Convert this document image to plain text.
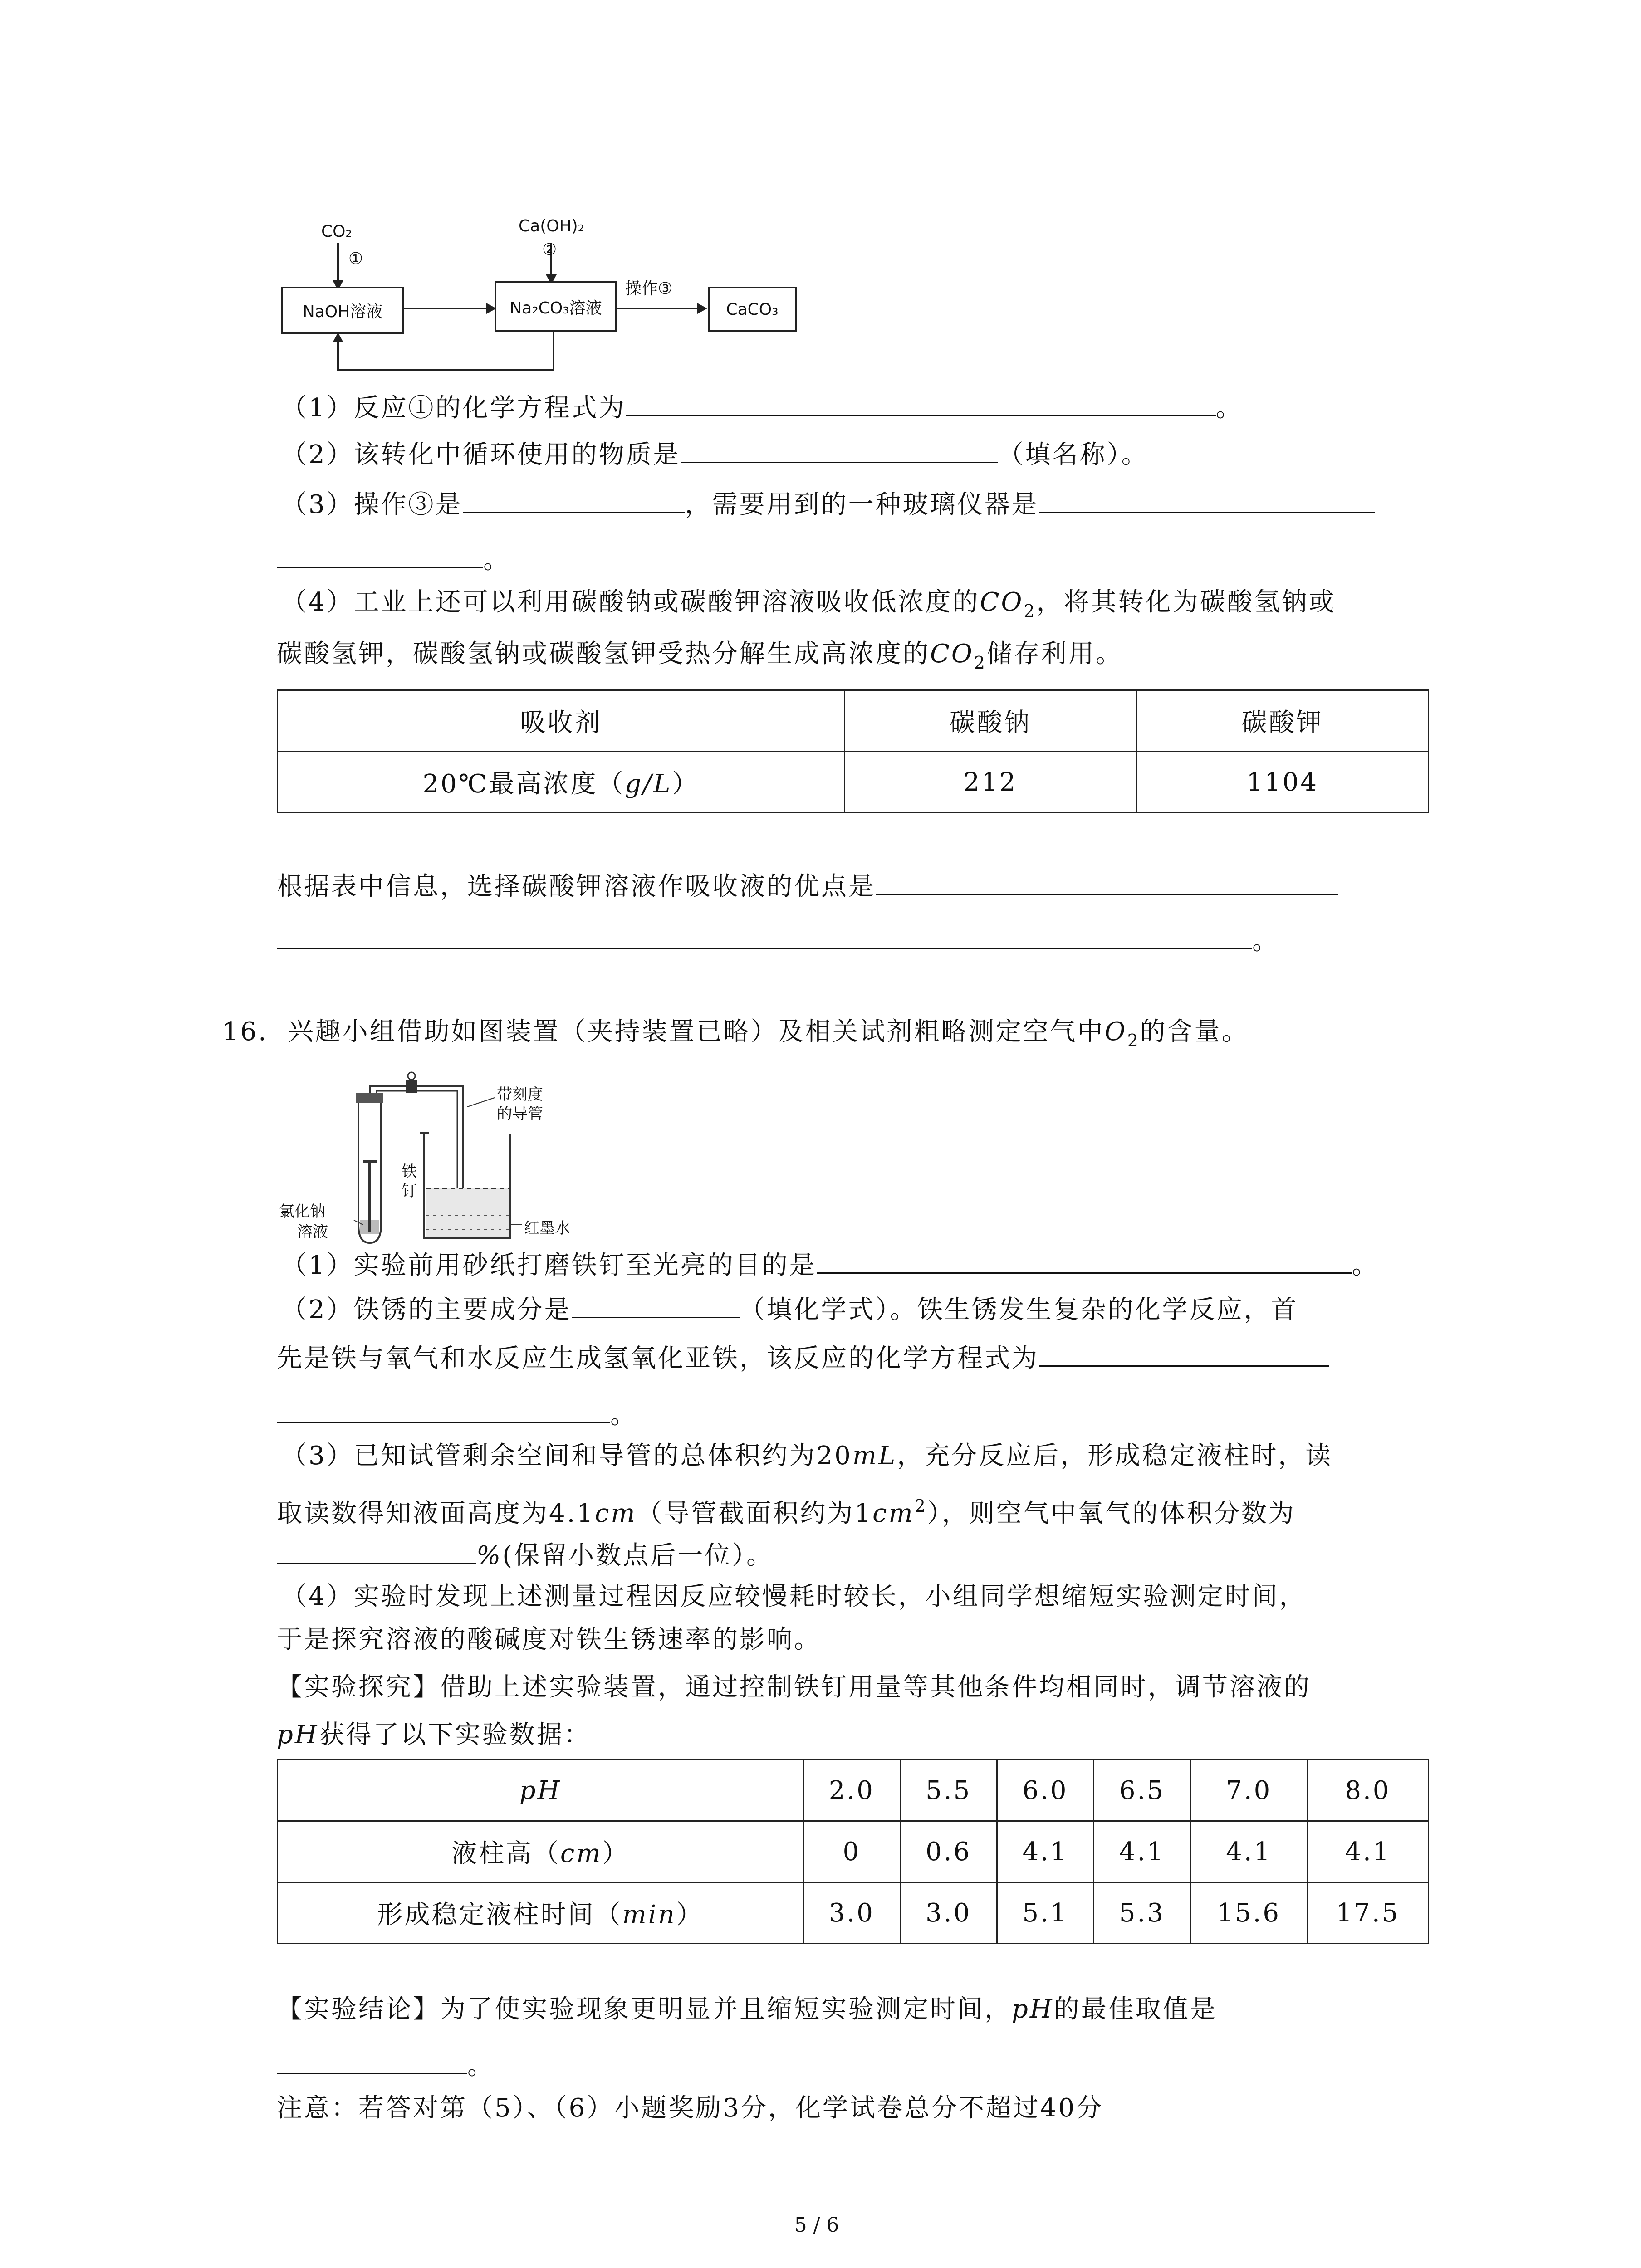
CO₂
①
Ca(OH)₂
②
操作③
NaOH溶液	Na₂CO₃溶液	CaCO₃
（1）反应①的化学方程式为	。
（2）该转化中循环使用的物质是	（填名称）。
（3）操作③是	，需要用到的一种玻璃仪器是
。
（4）工业上还可以利用碳酸钠或碳酸钾溶液吸收低浓度的$CO_2$，将其转化为碳酸氢钠或
碳酸氢钾，碳酸氢钠或碳酸氢钾受热分解生成高浓度的$CO_2$储存利用。
吸收剂	碳酸钠	碳酸钾
20℃最高浓度（g/L）	212	1104
根据表中信息，选择碳酸钾溶液作吸收液的优点是
。
16. 兴趣小组借助如图装置（夹持装置已略）及相关试剂粗略测定空气中$O_2$的含量。
带刻度
的导管
铁
钉
氯化钠
溶液	红墨水
（1）实验前用砂纸打磨铁钉至光亮的目的是	。
（2）铁锈的主要成分是	（填化学式）。铁生锈发生复杂的化学反应，首
先是铁与氧气和水反应生成氢氧化亚铁，该反应的化学方程式为
。
（3）已知试管剩余空间和导管的总体积约为20mL，充分反应后，形成稳定液柱时，读
取读数得知液面高度为4.1cm（导管截面积约为$1cm^2$），则空气中氧气的体积分数为
%(保留小数点后一位）。
（4）实验时发现上述测量过程因反应较慢耗时较长，小组同学想缩短实验测定时间，
于是探究溶液的酸碱度对铁生锈速率的影响。
【实验探究】借助上述实验装置，通过控制铁钉用量等其他条件均相同时，调节溶液的
pH获得了以下实验数据：
pH	2.0	5.5	6.0	6.5	7.0	8.0
液柱高（cm）	0	0.6	4.1	4.1	4.1	4.1
形成稳定液柱时间（min）	3.0	3.0	5.1	5.3	15.6	17.5
【实验结论】为了使实验现象更明显并且缩短实验测定时间，pH的最佳取值是
。
注意：若答对第（5）、（6）小题奖励3分，化学试卷总分不超过40分
5 / 6
